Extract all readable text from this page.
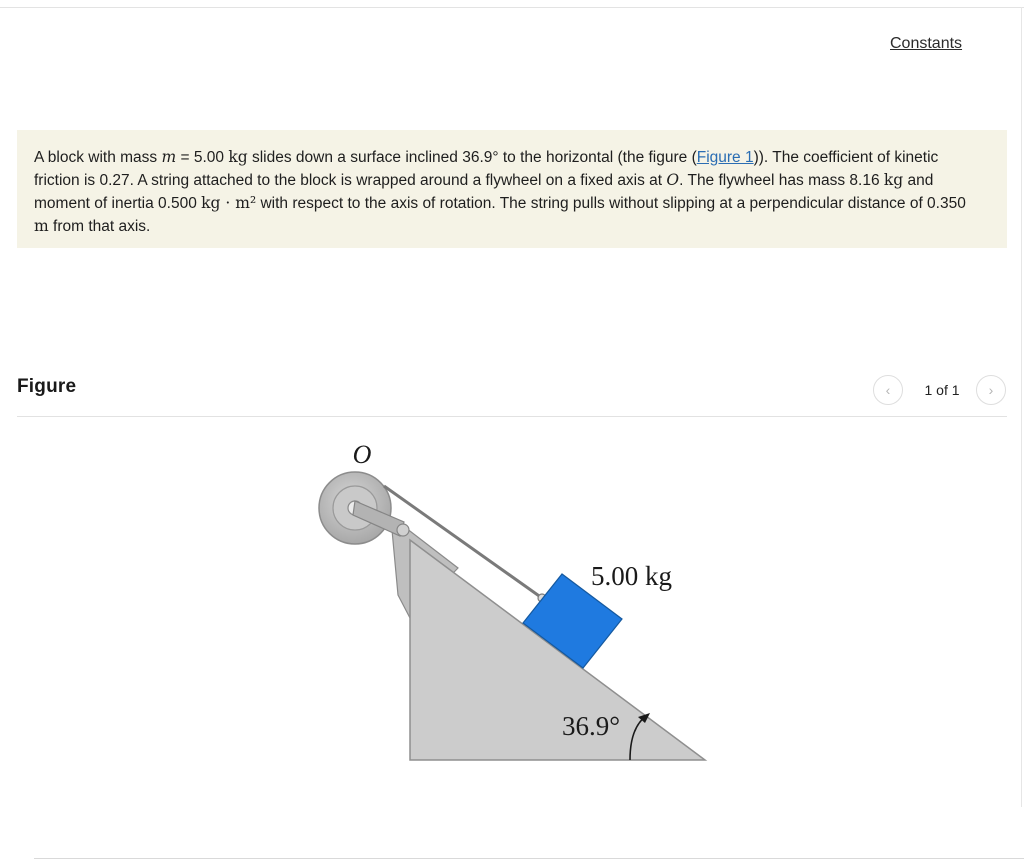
Constants
A block with mass m = 5.00 kg slides down a surface inclined 36.9° to the horizontal (the figure (Figure 1)). The coefficient of kinetic friction is 0.27. A string attached to the block is wrapped around a flywheel on a fixed axis at O. The flywheel has mass 8.16 kg and moment of inertia 0.500 kg · m² with respect to the axis of rotation. The string pulls without slipping at a perpendicular distance of 0.350 m from that axis.
Figure	‹	1 of 1	›
O
5.00 kg
36.9°
